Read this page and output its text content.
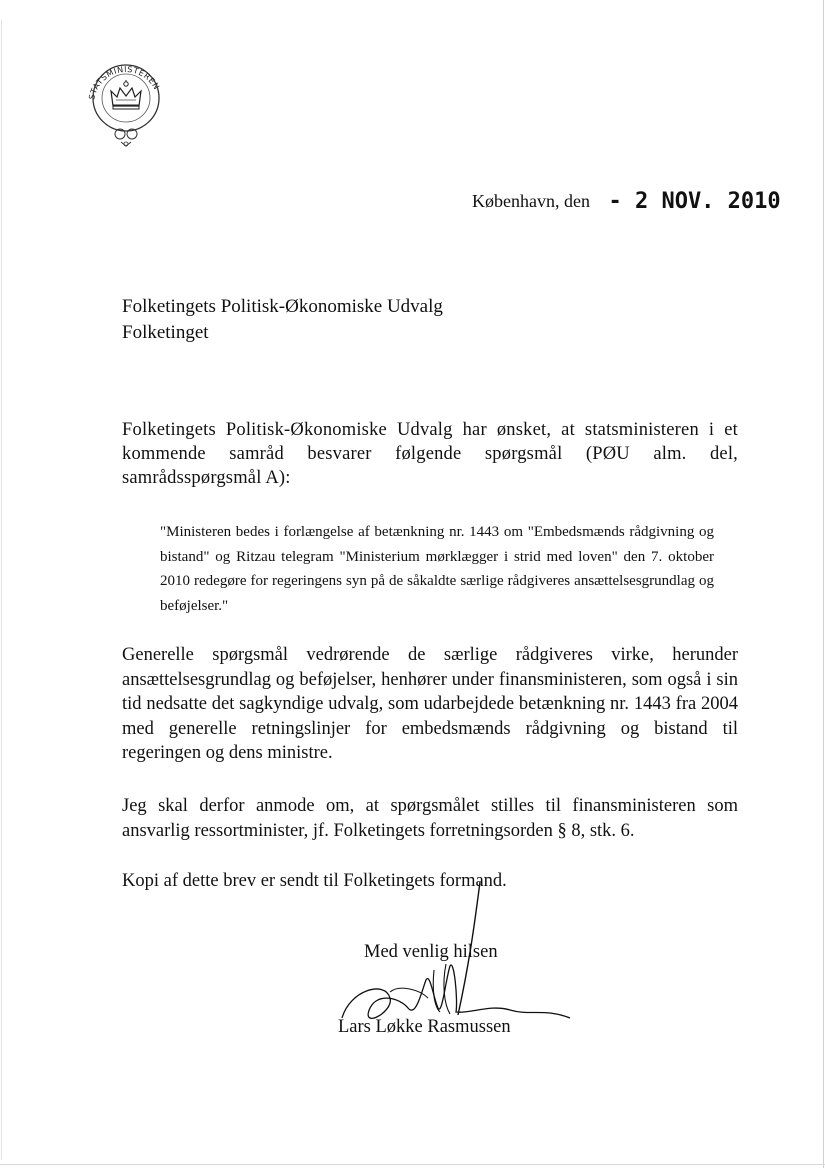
STATSMINISTEREN
København, den - 2 NOV. 2010
Folketingets Politisk-Økonomiske Udvalg
Folketinget
Folketingets Politisk-Økonomiske Udvalg har ønsket, at statsministeren i et kommende samråd besvarer følgende spørgsmål (PØU alm. del, samrådsspørgsmål A):
"Ministeren bedes i forlængelse af betænkning nr. 1443 om "Embedsmænds rådgivning og bistand" og Ritzau telegram "Ministerium mørklægger i strid med loven" den 7. oktober 2010 redegøre for regeringens syn på de såkaldte særlige rådgiveres ansættelsesgrundlag og beføjelser."
Generelle spørgsmål vedrørende de særlige rådgiveres virke, herunder ansættelsesgrundlag og beføjelser, henhører under finansministeren, som også i sin tid nedsatte det sagkyndige udvalg, som udarbejdede betænkning nr. 1443 fra 2004 med generelle retningslinjer for embedsmænds rådgivning og bistand til regeringen og dens ministre.
Jeg skal derfor anmode om, at spørgsmålet stilles til finansministeren som ansvarlig ressortminister, jf. Folketingets forretningsorden § 8, stk. 6.
Kopi af dette brev er sendt til Folketingets formand.
Med venlig hilsen
Lars Løkke Rasmussen
